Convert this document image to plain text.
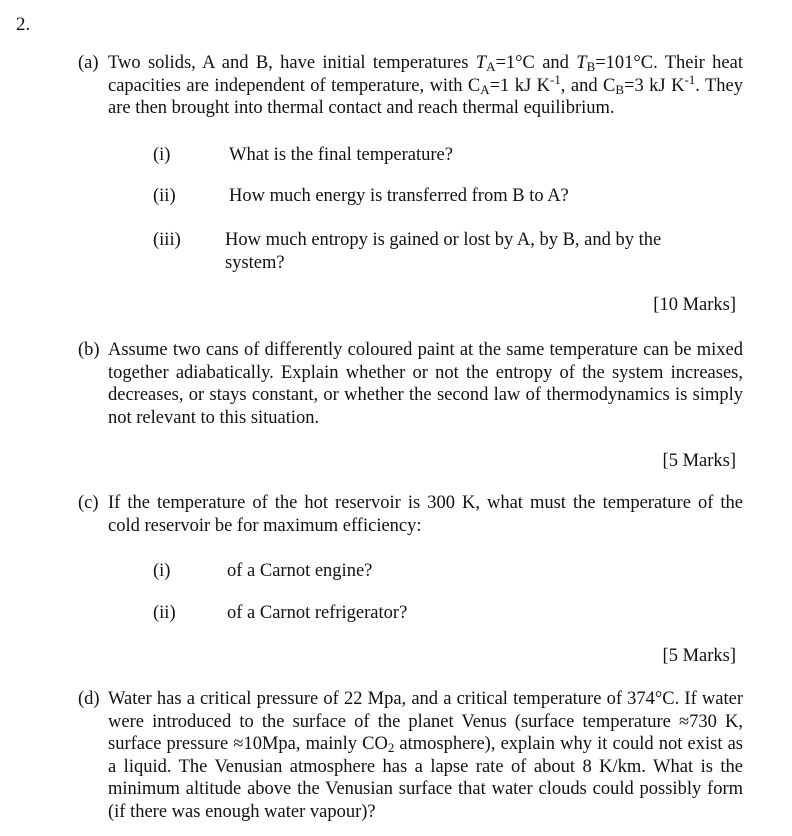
2.
(a) Two solids, A and B, have initial temperatures $T_A=1^\circ C$ and $T_B=101^\circ C$. Their heat capacities are independent of temperature, with $C_A=1$ kJ $K^{-1}$, and $C_B=3$ kJ $K^{-1}$. They are then brought into thermal contact and reach thermal equilibrium.
(i)	What is the final temperature?
(ii)	How much energy is transferred from B to A?
(iii) How much entropy is gained or lost by A, by B, and by the system?
[10 Marks]
(b) Assume two cans of differently coloured paint at the same temperature can be mixed together adiabatically. Explain whether or not the entropy of the system increases, decreases, or stays constant, or whether the second law of thermodynamics is simply not relevant to this situation.
[5 Marks]
(c) If the temperature of the hot reservoir is 300 K, what must the temperature of the cold reservoir be for maximum efficiency:
(i)	of a Carnot engine?
(ii)	of a Carnot refrigerator?
[5 Marks]
(d) Water has a critical pressure of 22 Mpa, and a critical temperature of 374°C. If water were introduced to the surface of the planet Venus (surface temperature ≈730 K, surface pressure ≈10Mpa, mainly $CO_2$ atmosphere), explain why it could not exist as a liquid. The Venusian atmosphere has a lapse rate of about 8 K/km. What is the minimum altitude above the Venusian surface that water clouds could possibly form (if there was enough water vapour)?
